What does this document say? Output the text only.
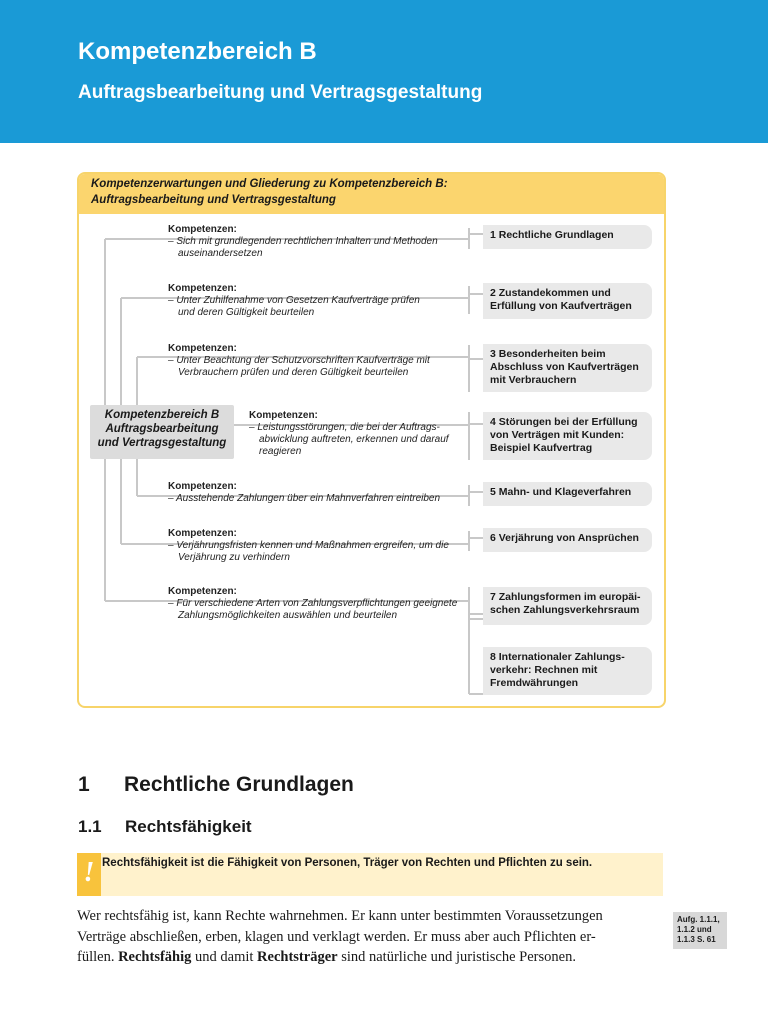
Kompetenzbereich B
Auftragsbearbeitung und Vertragsgestaltung
Kompetenzerwartungen und Gliederung zu Kompetenzbereich B:
Auftragsbearbeitung und Vertragsgestaltung
Kompetenzbereich B
Auftragsbearbeitung
und Vertragsgestaltung
Kompetenzen:
– Sich mit grundlegenden rechtlichen Inhalten und Methoden
auseinandersetzen
Kompetenzen:
– Unter Zuhilfenahme von Gesetzen Kaufverträge prüfen
und deren Gültigkeit beurteilen
Kompetenzen:
– Unter Beachtung der Schutzvorschriften Kaufverträge mit
Verbrauchern prüfen und deren Gültigkeit beurteilen
Kompetenzen:
– Leistungsstörungen, die bei der Auftrags-
abwicklung auftreten, erkennen und darauf
reagieren
Kompetenzen:
– Ausstehende Zahlungen über ein Mahnverfahren eintreiben
Kompetenzen:
– Verjährungsfristen kennen und Maßnahmen ergreifen, um die
Verjährung zu verhindern
Kompetenzen:
– Für verschiedene Arten von Zahlungsverpflichtungen geeignete
Zahlungsmöglichkeiten auswählen und beurteilen
1 Rechtliche Grundlagen
2 Zustandekommen und
Erfüllung von Kaufverträgen
3 Besonderheiten beim
Abschluss von Kaufverträgen
mit Verbrauchern
4 Störungen bei der Erfüllung
von Verträgen mit Kunden:
Beispiel Kaufvertrag
5 Mahn- und Klageverfahren
6 Verjährung von Ansprüchen
7 Zahlungsformen im europäi-
schen Zahlungsverkehrsraum
8 Internationaler Zahlungs-
verkehr: Rechnen mit
Fremdwährungen
1 Rechtliche Grundlagen
1.1 Rechtsfähigkeit
! Rechtsfähigkeit ist die Fähigkeit von Personen, Träger von Rechten und Pflichten zu sein.
Wer rechtsfähig ist, kann Rechte wahrnehmen. Er kann unter bestimmten Voraussetzungen
Verträge abschließen, erben, klagen und verklagt werden. Er muss aber auch Pflichten er-
füllen. Rechtsfähig und damit Rechtsträger sind natürliche und juristische Personen.
Aufg. 1.1.1,
1.1.2 und
1.1.3 S. 61
